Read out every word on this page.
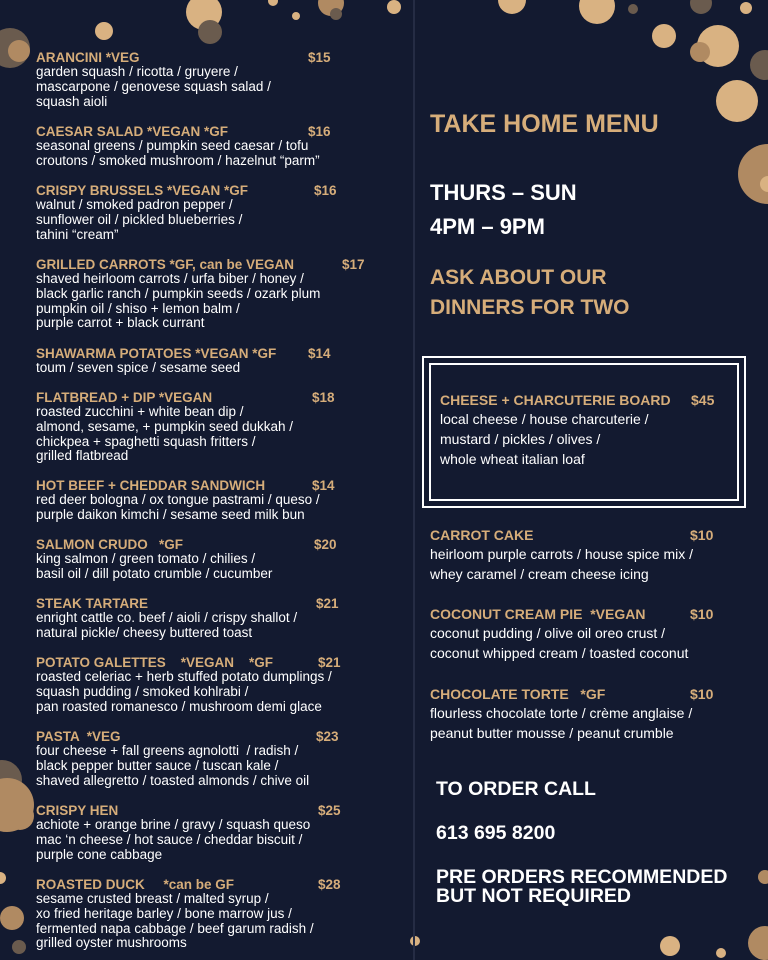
ARANCINI *VEG	$15
garden squash / ricotta / gruyere /
mascarpone / genovese squash salad /
squash aioli
CAESAR SALAD *VEGAN *GF	$16
seasonal greens / pumpkin seed caesar / tofu
croutons / smoked mushroom / hazelnut “parm”
CRISPY BRUSSELS *VEGAN *GF	$16
walnut / smoked padron pepper /
sunflower oil / pickled blueberries /
tahini “cream”
GRILLED CARROTS *GF, can be VEGAN	$17
shaved heirloom carrots / urfa biber / honey /
black garlic ranch / pumpkin seeds / ozark plum
pumpkin oil / shiso + lemon balm /
purple carrot + black currant
SHAWARMA POTATOES *VEGAN *GF $14
toum / seven spice / sesame seed
FLATBREAD + DIP *VEGAN	$18
roasted zucchini + white bean dip /
almond, sesame, + pumpkin seed dukkah /
chickpea + spaghetti squash fritters /
grilled flatbread
HOT BEEF + CHEDDAR SANDWICH	$14
red deer bologna / ox tongue pastrami / queso /
purple daikon kimchi / sesame seed milk bun
SALMON CRUDO   *GF	$20
king salmon / green tomato / chilies /
basil oil / dill potato crumble / cucumber
STEAK TARTARE	$21
enright cattle co. beef / aioli / crispy shallot /
natural pickle/ cheesy buttered toast
POTATO GALETTES    *VEGAN    *GF	$21
roasted celeriac + herb stuffed potato dumplings /
squash pudding / smoked kohlrabi /
pan roasted romanesco / mushroom demi glace
PASTA  *VEG	$23
four cheese + fall greens agnolotti  / radish /
black pepper butter sauce / tuscan kale /
shaved allegretto / toasted almonds / chive oil
CRISPY HEN	$25
achiote + orange brine / gravy / squash queso
mac ‘n cheese / hot sauce / cheddar biscuit /
purple cone cabbage
ROASTED DUCK     *can be GF	$28
sesame crusted breast / malted syrup /
xo fried heritage barley / bone marrow jus /
fermented napa cabbage / beef garum radish /
grilled oyster mushrooms
TAKE HOME MENU
THURS – SUN
4PM – 9PM
ASK ABOUT OUR
DINNERS FOR TWO
CHEESE + CHARCUTERIE BOARD $45
local cheese / house charcuterie /
mustard / pickles / olives /
whole wheat italian loaf
CARROT CAKE	$10
heirloom purple carrots / house spice mix /
whey caramel / cream cheese icing
COCONUT CREAM PIE  *VEGAN	$10
coconut pudding / olive oil oreo crust /
coconut whipped cream / toasted coconut
CHOCOLATE TORTE   *GF	$10
flourless chocolate torte / crème anglaise /
peanut butter mousse / peanut crumble
TO ORDER CALL
613 695 8200
PRE ORDERS RECOMMENDED
BUT NOT REQUIRED
